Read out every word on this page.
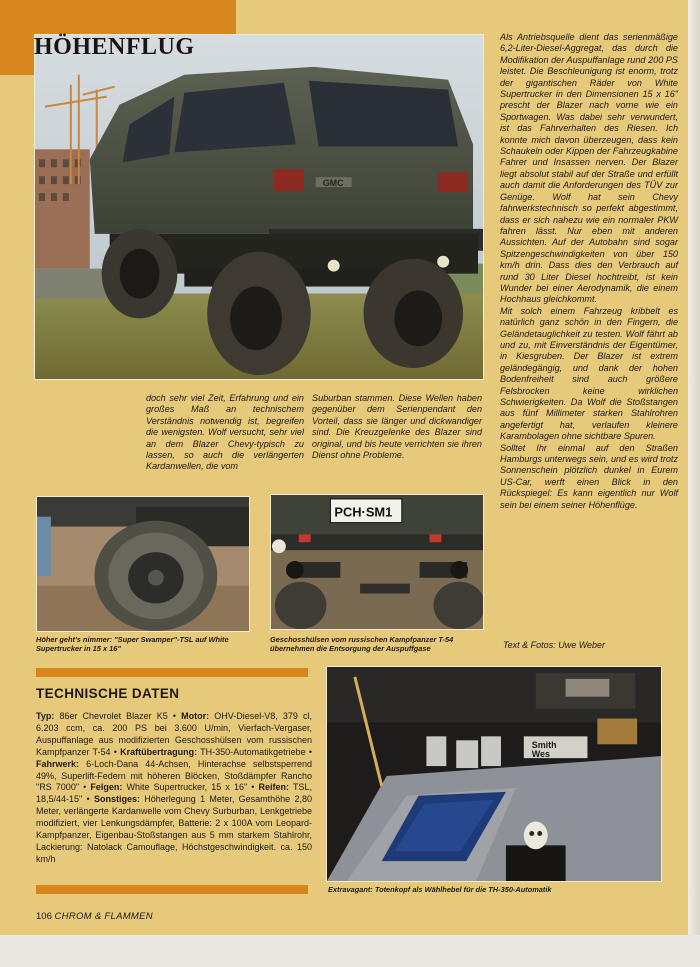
GMC
HÖHENFLUG

doch sehr viel Zeit, Erfahrung und ein großes Maß an technischem Verständnis notwendig ist, begreifen die wenigsten. Wolf versucht, sehr viel an dem Blazer Chevy-typisch zu lassen, so auch die verlängerten Kardanwellen, die vom

Suburban stammen. Diese Wellen haben gegenüber dem Serienpendant den Vorteil, dass sie länger und dickwandiger sind. Die Kreuzgelenke des Blazer sind original, und bis heute verrichten sie ihren Dienst ohne Probleme.

Als Antriebsquelle dient das serienmäßige 6,2-Liter-Diesel-Aggregat, das durch die Modifikation der Auspuffanlage rund 200 PS leistet. Die Beschleunigung ist enorm, trotz der gigantischen Räder von White Supertrucker in den Dimensionen 15 x 16" prescht der Blazer nach vorne wie ein Sportwagen. Was dabei sehr verwundert, ist das Fahrverhalten des Riesen. Ich konnte mich davon überzeugen, dass kein Schaukeln oder Kippen der Fahrzeugkabine Fahrer und Insassen nerven. Der Blazer liegt absolut stabil auf der Straße und erfüllt auch damit die Anforderungen des TÜV zur Genüge. Wolf hat sein Chevy fahrwerkstechnisch so perfekt abgestimmt, dass er sich nahezu wie ein normaler PKW fahren lässt. Nur eben mit anderen Aussichten. Auf der Autobahn sind sogar Spitzengeschwindigkeiten von über 150 km/h drin. Dass dies den Verbrauch auf rund 30 Liter Diesel hochtreibt, ist kein Wunder bei einer Aerodynamik, die einem Hochhaus gleichkommt.

Mit solch einem Fahrzeug kribbelt es natürlich ganz schön in den Fingern, die Geländetauglichkeit zu testen. Wolf fährt ab und zu, mit Einverständnis der Eigentümer, in Kiesgruben. Der Blazer ist extrem geländegängig, und dank der hohen Bodenfreiheit sind auch größere Felsbrocken keine wirklichen Schwierigkeiten. Da Wolf die Stoßstangen aus fünf Millimeter starken Stahlrohren angefertigt hat, verlaufen kleinere Karambolagen ohne sichtbare Spuren.

Solltet Ihr einmal auf den Straßen Hamburgs unterwegs sein, und es wird trotz Sonnenschein plötzlich dunkel in Eurem US-Car, werft einen Blick in den Rückspiegel: Es kann eigentlich nur Wolf sein bei einem seiner Höhenflüge.

Text & Fotos: Uwe Weber
PCH·SM1
Höher geht's nimmer: "Super Swamper"-TSL auf White Supertrucker in 15 x 16"
Geschosshülsen vom russischen Kampfpanzer T-54 übernehmen die Entsorgung der Auspuffgase
TECHNISCHE DATEN
Typ: 86er Chevrolet Blazer K5 • Motor: OHV-Diesel-V8, 379 cl, 6.203 ccm, ca. 200 PS bei 3.600 U/min, Vierfach-Vergaser, Auspuffanlage aus modifizierten Geschosshülsen vom russischen Kampfpanzer T-54 • Kraftübertragung: TH-350-Automatikgetriebe • Fahrwerk: 6-Loch-Dana 44-Achsen, Hinterachse selbstsperrend 49%, Superlift-Federn mit höheren Blöcken, Stoßdämpfer Rancho "RS 7000" • Felgen: White Supertrucker, 15 x 16" • Reifen: TSL, 18,5/44-15" • Sonstiges: Höherlegung 1 Meter, Gesamthöhe 2,80 Meter, verlängerte Kardanwelle vom Chevy Surburban, Lenkgetriebe modifiziert, vier Lenkungsdämpfer, Batterie: 2 x 100A vom Leopard-Kampfpanzer, Eigenbau-Stoßstangen aus 5 mm starkem Stahlrohr, Lackierung: Natolack Camouflage, Höchstgeschwindigkeit. ca. 150 km/h
Smith
Wes
Extravagant: Totenkopf als Wählhebel für die TH-350-Automatik
106 CHROM & FLAMMEN
